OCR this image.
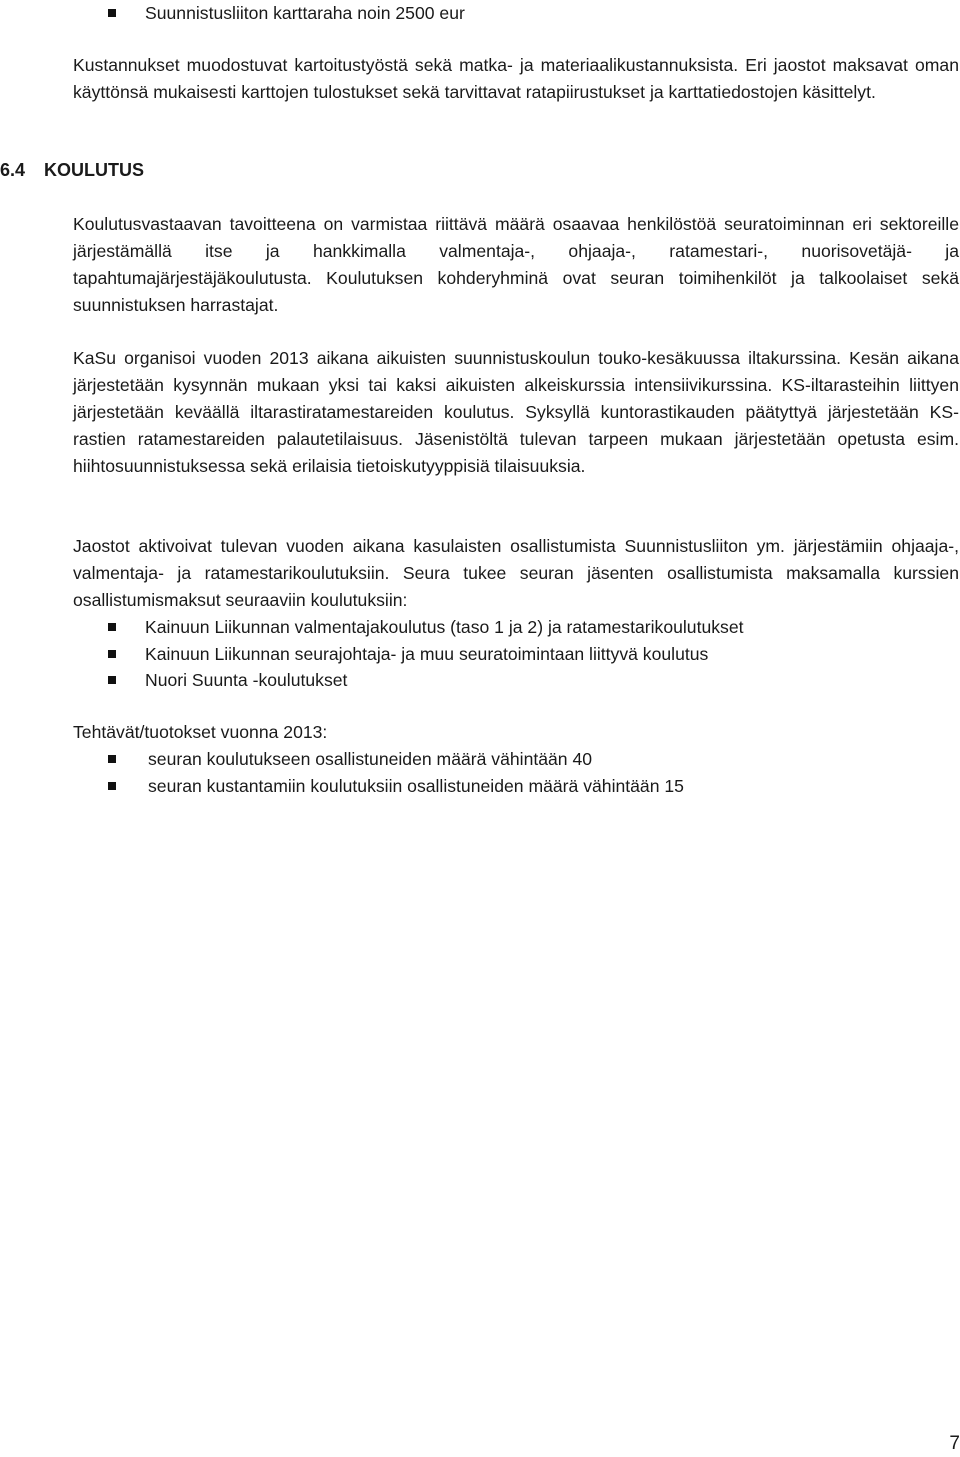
Suunnistusliiton karttaraha noin 2500 eur
Kustannukset muodostuvat kartoitustyöstä sekä matka- ja materiaalikustannuksista. Eri jaostot maksavat oman käyttönsä mukaisesti karttojen tulostukset sekä tarvittavat ratapiirustukset ja karttatiedostojen käsittelyt.
6.4 KOULUTUS
Koulutusvastaavan tavoitteena on varmistaa riittävä määrä osaavaa henkilöstöä seuratoiminnan eri sektoreille järjestämällä itse ja hankkimalla valmentaja-, ohjaaja-, ratamestari-, nuorisovetäjä- ja tapahtumajärjestäjäkoulutusta. Koulutuksen kohderyhminä ovat seuran toimihenkilöt ja talkoolaiset sekä suunnistuksen harrastajat.
KaSu organisoi vuoden 2013 aikana aikuisten suunnistuskoulun touko-kesäkuussa iltakurssina. Kesän aikana järjestetään kysynnän mukaan yksi tai kaksi aikuisten alkeiskurssia intensiivikurssina. KS-iltarasteihin liittyen järjestetään keväällä iltarastiratamestareiden koulutus. Syksyllä kuntorastikauden päätyttyä järjestetään KS-rastien ratamestareiden palautetilaisuus. Jäsenistöltä tulevan tarpeen mukaan järjestetään opetusta esim. hiihtosuunnistuksessa sekä erilaisia tietoiskutyyppisiä tilaisuuksia.
Jaostot aktivoivat tulevan vuoden aikana kasulaisten osallistumista Suunnistusliiton ym. järjestämiin ohjaaja-, valmentaja- ja ratamestarikoulutuksiin. Seura tukee seuran jäsenten osallistumista maksamalla kurssien osallistumismaksut seuraaviin koulutuksiin:
Kainuun Liikunnan valmentajakoulutus (taso 1 ja 2) ja ratamestarikoulutukset
Kainuun Liikunnan seurajohtaja- ja muu seuratoimintaan liittyvä koulutus
Nuori Suunta -koulutukset
Tehtävät/tuotokset vuonna 2013:
seuran koulutukseen osallistuneiden määrä vähintään 40
seuran kustantamiin koulutuksiin osallistuneiden määrä vähintään 15
7
